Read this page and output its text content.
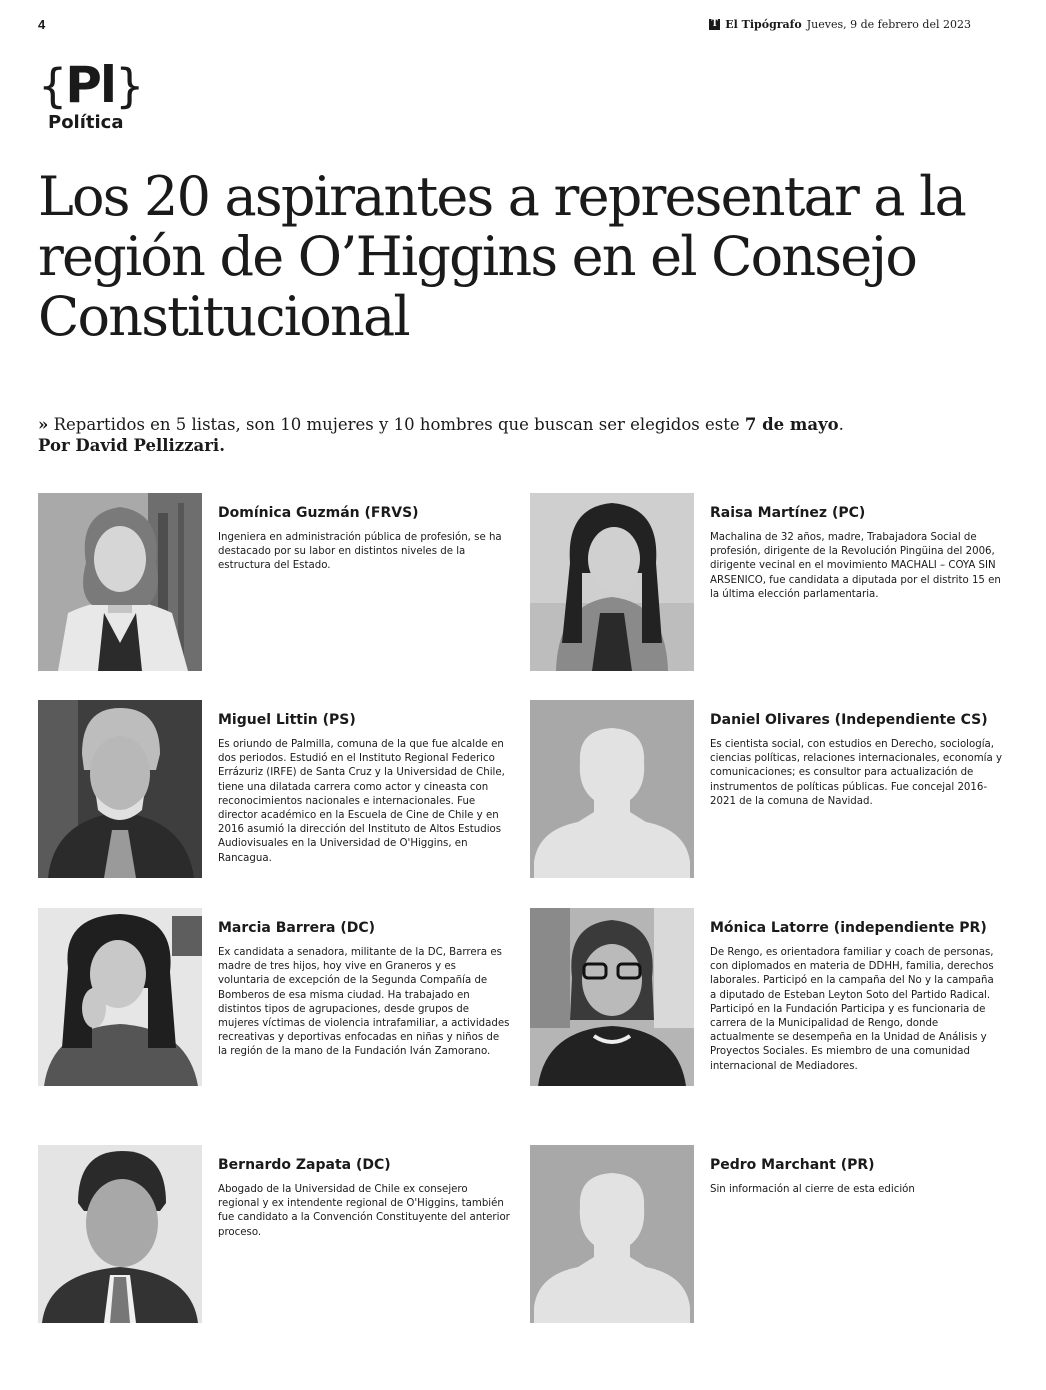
4	T El Tipógrafo Jueves, 9 de febrero del 2023
{Pl}
Política
Los 20 aspirantes a representar a la región de O’Higgins en el Consejo Constitucional
» Repartidos en 5 listas, son 10 mujeres y 10 hombres que buscan ser elegidos este 7 de mayo.
Por David Pellizzari.
Domínica Guzmán (FRVS)
Ingeniera en administración pública de profesión, se ha destacado por su labor en distintos niveles de la estructura del Estado.
Raisa Martínez (PC)
Machalina de 32 años, madre, Trabajadora Social de profesión, dirigente de la Revolución Pingüina del 2006, dirigente vecinal en el movimiento MACHALI – COYA SIN ARSENICO, fue candidata a diputada por el distrito 15 en la última elección parlamentaria.
Miguel Littin (PS)
Es oriundo de Palmilla, comuna de la que fue alcalde en dos periodos. Estudió en el Instituto Regional Federico Errázuriz (IRFE) de Santa Cruz y la Universidad de Chile, tiene una dilatada carrera como actor y cineasta con reconocimientos nacionales e internacionales. Fue director académico en la Escuela de Cine de Chile y en 2016 asumió la dirección del Instituto de Altos Estudios Audiovisuales en la Universidad de O'Higgins, en Rancagua.
Daniel Olivares (Independiente CS)
Es cientista social, con estudios en Derecho, sociología, ciencias políticas, relaciones internacionales, economía y comunicaciones; es consultor para actualización de instrumentos de políticas públicas. Fue concejal 2016-2021 de la comuna de Navidad.
Marcia Barrera (DC)
Ex candidata a senadora, militante de la DC, Barrera es madre de tres hijos, hoy vive en Graneros y es voluntaria de excepción de la Segunda Compañía de Bomberos de esa misma ciudad. Ha trabajado en distintos tipos de agrupaciones, desde grupos de mujeres víctimas de violencia intrafamiliar, a actividades recreativas y deportivas enfocadas en niñas y niños de la región de la mano de la Fundación Iván Zamorano.
Mónica Latorre (independiente PR)
De Rengo, es orientadora familiar y coach de personas, con diplomados en materia de DDHH, familia, derechos laborales. Participó en la campaña del No y la campaña a diputado de Esteban Leyton Soto del Partido Radical. Participó en la Fundación Participa y es funcionaria de carrera de la Municipalidad de Rengo, donde actualmente se desempeña en la Unidad de Análisis y Proyectos Sociales. Es miembro de una comunidad internacional de Mediadores.
Bernardo Zapata (DC)
Abogado de la Universidad de Chile ex consejero regional y ex intendente regional de O'Higgins, también fue candidato a la Convención Constituyente del anterior proceso.
Pedro Marchant (PR)
Sin información al cierre de esta edición
